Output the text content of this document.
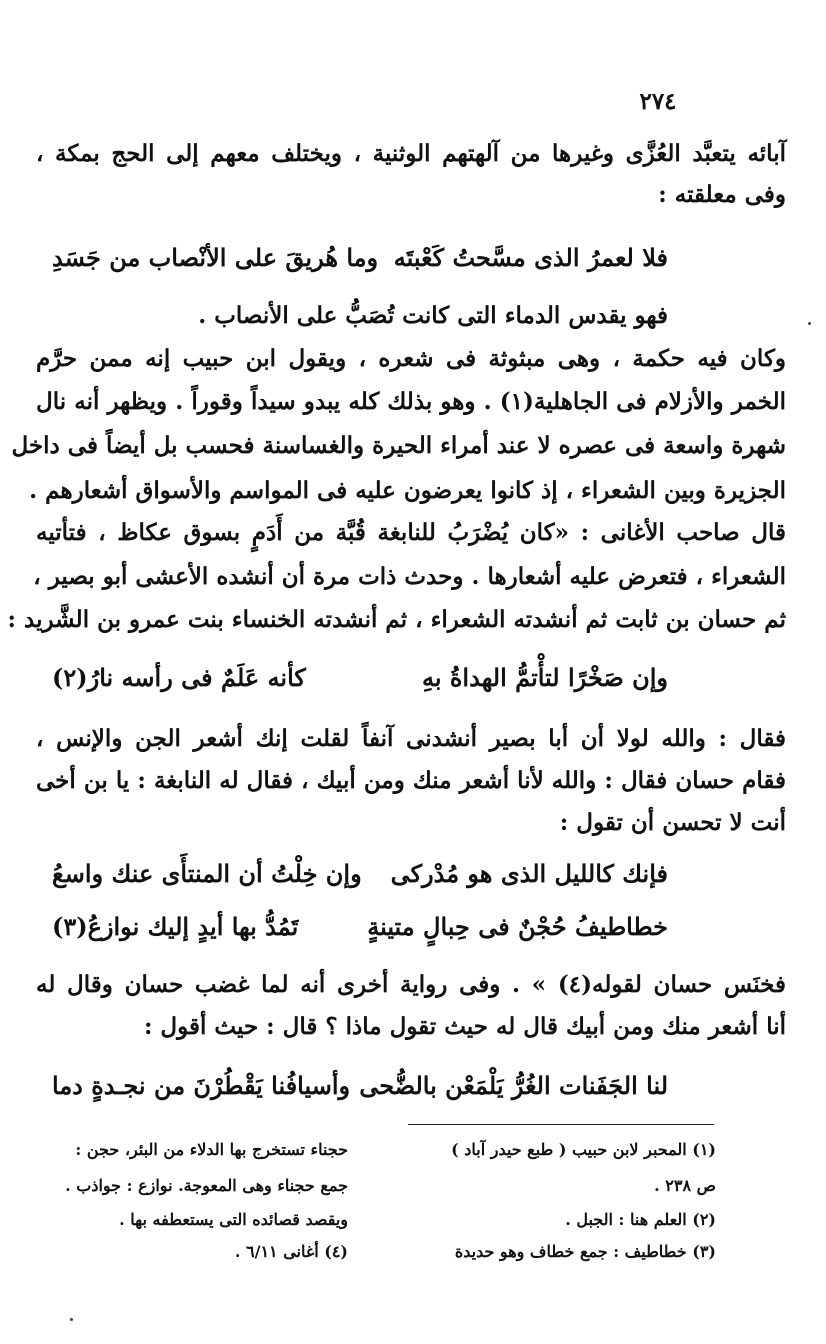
٢٧٤
آبائه يتعبَّد العُزَّى وغيرها من آلهتهم الوثنية ، ويختلف معهم إلى الحج بمكة ،
وفى معلقته :
فلا لعمرُ الذى مسَّحتُ كَعْبتَه
وما هُريقَ على الأنْصاب من جَسَدِ
فهو يقدس الدماء التى كانت تُصَبُّ على الأنصاب .
وكان فيه حكمة ، وهى مبثوثة فى شعره ، ويقول ابن حبيب إنه ممن حرَّم
الخمر والأزلام فى الجاهلية(١) . وهو بذلك كله يبدو سيداً وقوراً . ويظهر أنه نال
شهرة واسعة فى عصره لا عند أمراء الحيرة والغساسنة فحسب بل أيضاً فى داخل
الجزيرة وبين الشعراء ، إذ كانوا يعرضون عليه فى المواسم والأسواق أشعارهم .
قال صاحب الأغانى : «كان يُضْرَبُ للنابغة قُبَّة من أَدَمٍ بسوق عكاظ ، فتأتيه
الشعراء ، فتعرض عليه أشعارها . وحدث ذات مرة أن أنشده الأعشى أبو بصير ،
ثم حسان بن ثابت ثم أنشدته الشعراء ، ثم أنشدته الخنساء بنت عمرو بن الشَّريد :
وإن صَخْرًا لتأْتمُّ الهداةُ بهِ
كأنه عَلَمٌ فى رأسه نارُ(٢)
فقال : والله لولا أن أبا بصير أنشدنى آنفاً لقلت إنك أشعر الجن والإنس ،
فقام حسان فقال : والله لأنا أشعر منك ومن أبيك ، فقال له النابغة : يا بن أخى
أنت لا تحسن أن تقول :
فإنك كالليل الذى هو مُدْركى
وإن خِلْتُ أن المنتأَى عنك واسعُ
خطاطيفُ حُجْنٌ فى حِبالٍ متينةٍ
تَمُدُّ بها أيدٍ إليك نوازعُ(٣)
فخنَس حسان لقوله(٤) » . وفى رواية أخرى أنه لما غضب حسان وقال له
أنا أشعر منك ومن أبيك قال له حيث تقول ماذا ؟ قال : حيث أقول :
لنا الجَفَنات الغُرُّ يَلْمَعْن بالضُّحى
وأسيافُنا يَقْطُرْنَ من نجـدةٍ دما
(١) المحبر لابن حبيب ( طبع حيدر آباد )
ص ٢٣٨ .
(٢) العلم هنا : الجبل .
(٣) خطاطيف : جمع خطاف وهو حديدة
حجناء تستخرج بها الدلاء من البئر، حجن :
جمع حجناء وهى المعوجة. نوازع : جواذب .
ويقصد قصائده التى يستعطفه بها .
(٤) أغانى ٦/١١ .
